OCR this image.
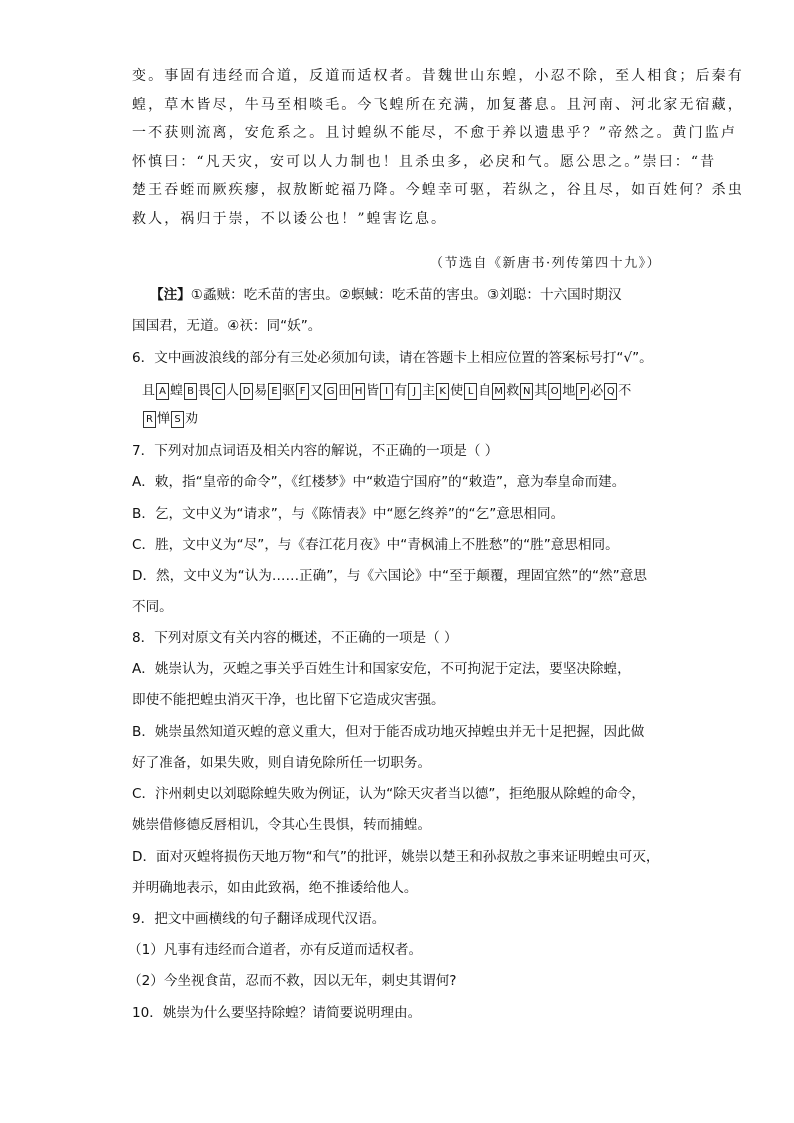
变。事固有违经而合道，反道而适权者。昔魏世山东蝗，小忍不除，至人相食；后秦有
蝗，草木皆尽，牛马至相啖毛。今飞蝗所在充满，加复蕃息。且河南、河北家无宿藏，
一不获则流离，安危系之。且讨蝗纵不能尽，不愈于养以遗患乎？”帝然之。黄门监卢
怀慎曰：“凡天灾，安可以人力制也！且杀虫多，必戾和气。愿公思之。”崇曰：“昔
楚王吞蛭而厥疾瘳，叔敖断蛇福乃降。今蝗幸可驱，若纵之，谷且尽，如百姓何？杀虫
救人，祸归于崇，不以诿公也！”蝗害讫息。
（节选自《新唐书·列传第四十九》）
【注】①蟊贼：吃禾苗的害虫。②螟蜮：吃禾苗的害虫。③刘聪：十六国时期汉
国国君，无道。④祆：同“妖”。
6．文中画波浪线的部分有三处必须加句读，请在答题卡上相应位置的答案标号打“√”。
且 A 蝗 B 畏 C 人 D 易 E 驱 F 又 G 田 H 皆 I 有 J 主 K 使 L 自 M 救 N 其 O 地 P 必 Q 不
R 惮 S 劝
7．下列对加点词语及相关内容的解说，不正确的一项是（ ）
A．敕，指“皇帝的命令”，《红楼梦》中“敕造宁国府”的“敕造”，意为奉皇命而建。
B．乞，文中义为“请求”，与《陈情表》中“愿乞终养”的“乞”意思相同。
C．胜，文中义为“尽”，与《春江花月夜》中“青枫浦上不胜愁”的“胜”意思相同。
D．然，文中义为“认为……正确”，与《六国论》中“至于颠覆，理固宜然”的“然”意思
不同。
8．下列对原文有关内容的概述，不正确的一项是（ ）
A．姚崇认为，灭蝗之事关乎百姓生计和国家安危，不可拘泥于定法，要坚决除蝗，
即使不能把蝗虫消灭干净，也比留下它造成灾害强。
B．姚崇虽然知道灭蝗的意义重大，但对于能否成功地灭掉蝗虫并无十足把握，因此做
好了准备，如果失败，则自请免除所任一切职务。
C．汴州刺史以刘聪除蝗失败为例证，认为“除天灾者当以德”，拒绝服从除蝗的命令，
姚崇借修德反唇相讥，令其心生畏惧，转而捕蝗。
D．面对灭蝗将损伤天地万物“和气”的批评，姚崇以楚王和孙叔敖之事来证明蝗虫可灭，
并明确地表示，如由此致祸，绝不推诿给他人。
9．把文中画横线的句子翻译成现代汉语。
（1）凡事有违经而合道者，亦有反道而适权者。
（2）今坐视食苗，忍而不救，因以无年，刺史其谓何?
10．姚崇为什么要坚持除蝗？请简要说明理由。
